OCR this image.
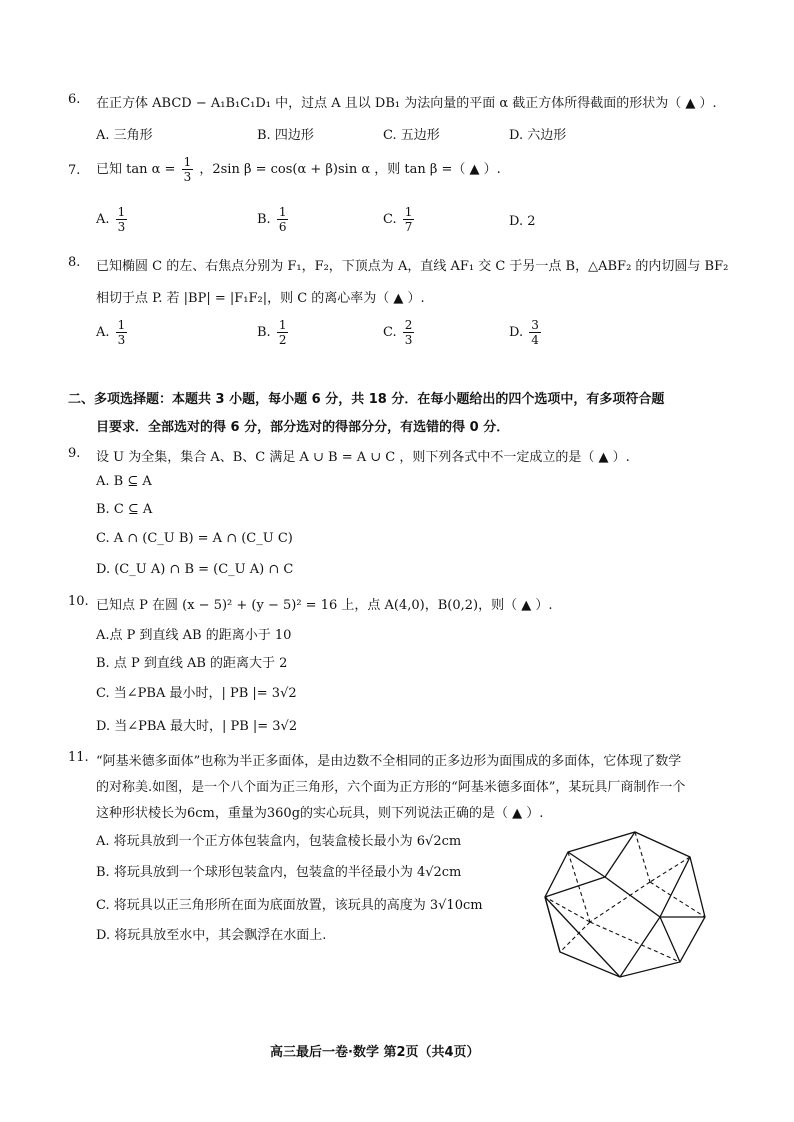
6. 在正方体 ABCD − A₁B₁C₁D₁ 中，过点 A 且以 DB₁ 为法向量的平面 α 截正方体所得截面的形状为（ ▲ ）.
A. 三角形	B. 四边形	C. 五边形	D. 六边形
7. 已知 $\tan \alpha = \frac{1}{3}$ ，2sin β = cos(α + β)sin α ，则 tan β =（ ▲ ）.
A. $\frac{1}{3}$	B. $\frac{1}{6}$	C. $\frac{1}{7}$	D. 2
8. 已知椭圆 C 的左、右焦点分别为 F₁，F₂，下顶点为 A，直线 AF₁ 交 C 于另一点 B，△ABF₂ 的内切圆与 BF₂
相切于点 P. 若 |BP| = |F₁F₂|，则 C 的离心率为（ ▲ ）.
A. $\frac{1}{3}$	B. $\frac{1}{2}$	C. $\frac{2}{3}$	D. $\frac{3}{4}$
二、多项选择题：本题共 3 小题，每小题 6 分，共 18 分．在每小题给出的四个选项中，有多项符合题
目要求．全部选对的得 6 分，部分选对的得部分分，有选错的得 0 分．
9. 设 U 为全集，集合 A、B、C 满足 A ∪ B = A ∪ C ，则下列各式中不一定成立的是（ ▲ ）.
A. B ⊆ A
B. C ⊆ A
C. A ∩ (C_U B) = A ∩ (C_U C)
D. (C_U A) ∩ B = (C_U A) ∩ C
10. 已知点 P 在圆 (x − 5)² + (y − 5)² = 16 上，点 A(4,0)，B(0,2)，则（ ▲ ）.
A.点 P 到直线 AB 的距离小于 10
B. 点 P 到直线 AB 的距离大于 2
C. 当∠PBA 最小时，| PB |= 3√2
D. 当∠PBA 最大时，| PB |= 3√2
11. “阿基米德多面体”也称为半正多面体，是由边数不全相同的正多边形为面围成的多面体，它体现了数学
的对称美.如图，是一个八个面为正三角形，六个面为正方形的“阿基米德多面体”，某玩具厂商制作一个
这种形状棱长为6cm，重量为360g的实心玩具，则下列说法正确的是（ ▲ ）.
A. 将玩具放到一个正方体包装盒内，包装盒棱长最小为 6√2cm
B. 将玩具放到一个球形包装盒内，包装盒的半径最小为 4√2cm
C. 将玩具以正三角形所在面为底面放置，该玩具的高度为 3√10cm
D. 将玩具放至水中，其会飘浮在水面上.
高三最后一卷·数学 第2页（共4页）
